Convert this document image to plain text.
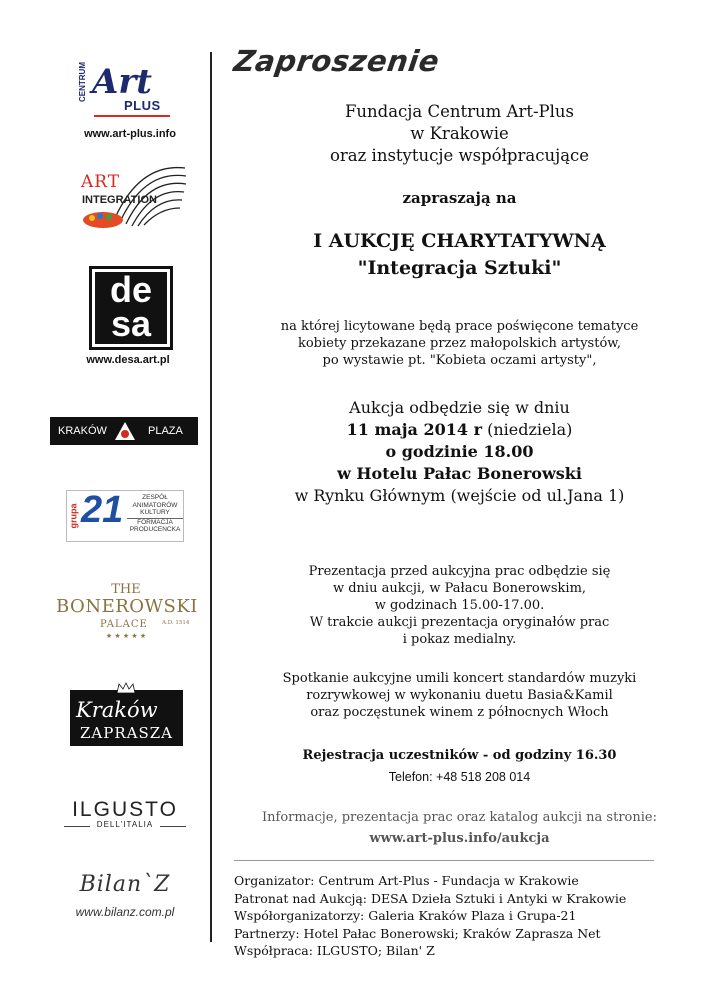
CENTRUM Art
PLUS
www.art-plus.info
ART
INTEGRATION
de
sa
www.desa.art.pl
KRAKÓW	PLAZA
grupa 21	ZESPÓŁ
ANIMATORÓW
KULTURY
FORMACJA
PRODUCENCKA
THE
BONEROWSKI
PALACE	A.D. 1514
★ ★ ★ ★ ★
Kraków
ZAPRASZA
ILGUSTO
DELL'ITALIA
Bilan`Z
www.bilanz.com.pl
Zaproszenie

Fundacja Centrum Art-Plus

w Krakowie

oraz instytucje współpracujące

zapraszają na
I AUKCJĘ CHARYTATYWNĄ
"Integracja Sztuki"

na której licytowane będą prace poświęcone tematyce

kobiety przekazane przez małopolskich artystów,

po wystawie pt. "Kobieta oczami artysty",

Aukcja odbędzie się w dniu
11 maja 2014 r (niedziela)
o godzinie 18.00
w Hotelu Pałac Bonerowski
w Rynku Głównym (wejście od ul.Jana 1)

Prezentacja przed aukcyjna prac odbędzie się

w dniu aukcji, w Pałacu Bonerowskim,

w godzinach 15.00-17.00.

W trakcie aukcji prezentacja oryginałów prac

i pokaz medialny.

Spotkanie aukcyjne umili koncert standardów muzyki

rozrywkowej w wykonaniu duetu Basia&Kamil

oraz poczęstunek winem z północnych Włoch

Rejestracja uczestników - od godziny 16.30
Telefon: +48 518 208 014
Informacje, prezentacja prac oraz katalog aukcji na stronie:
www.art-plus.info/aukcja

Organizator: Centrum Art-Plus - Fundacja w Krakowie

Patronat nad Aukcją: DESA Dzieła Sztuki i Antyki w Krakowie

Współorganizatorzy: Galeria Kraków Plaza i Grupa-21

Partnerzy: Hotel Pałac Bonerowski; Kraków Zaprasza Net

Współpraca: ILGUSTO; Bilan' Z
